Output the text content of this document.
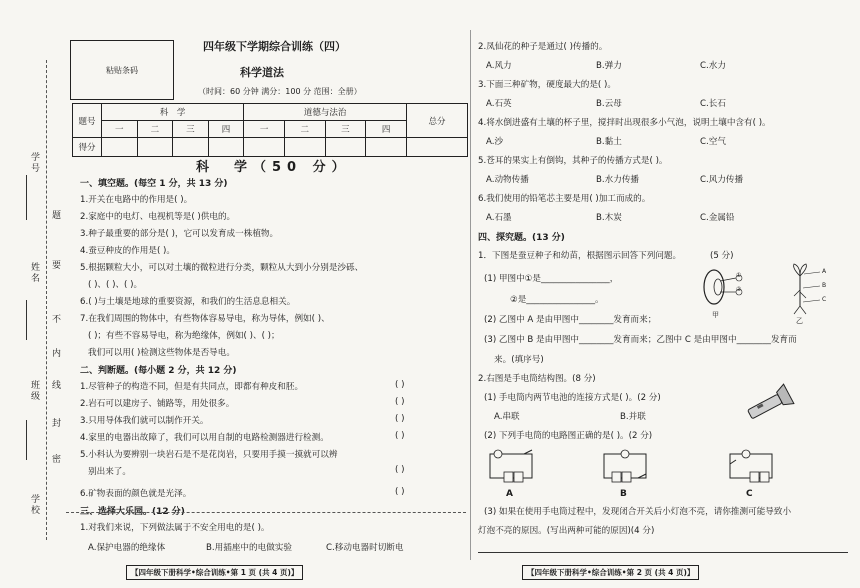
学号
姓名
班级
学校
题
要
不
内
线
封
密
粘贴条码
四年级下学期综合训练（四）
科学道法
（时间：60 分钟 满分：100 分 范围：全册）
题号	科　学				道德与法治				总分
	一	二	三	四	一	二	三	四	
得分									
科　学（50 分）
一、填空题。(每空 1 分，共 13 分)
1.开关在电路中的作用是( )。
2.家庭中的电灯、电视机等是( )供电的。
3.种子最重要的部分是( )，它可以发育成一株植物。
4.蚕豆种皮的作用是( )。
5.根据颗粒大小，可以对土壤的微粒进行分类，颗粒从大到小分别是沙砾、
( )、( )、( )。
6.( )与土壤是地球的重要资源，和我们的生活息息相关。
7.在我们周围的物体中，有些物体容易导电，称为导体，例如( )、
( )；有些不容易导电，称为绝缘体，例如( )、( )；
我们可以用( )检测这些物体是否导电。
二、判断题。(每小题 2 分，共 12 分)
1.尽管种子的构造不同，但是有共同点，即都有种皮和胚。	( )
2.岩石可以建房子、铺路等，用处很多。	( )
3.只用导体我们就可以制作开关。	( )
4.家里的电器出故障了，我们可以用自制的电路检测器进行检测。	( )
5.小科认为要辨别一块岩石是不是花岗岩，只要用手摸一摸就可以辨
别出来了。	( )
6.矿物表面的颜色就是光泽。	( )
三、选择大乐园。(12 分)
1.对我们来说，下列做法属于不安全用电的是( )。
A.保护电器的绝缘体	B.用插座中的电做实验	C.移动电器时切断电
【四年级下册科学•综合训练•第 1 页 (共 4 页)】
2.凤仙花的种子是通过( )传播的。
A.风力	B.弹力	C.水力
3.下面三种矿物，硬度最大的是( )。
A.石英	B.云母	C.长石
4.将水倒进盛有土壤的杯子里，搅拌时出现很多小气泡，说明土壤中含有( )。
A.沙	B.黏土	C.空气
5.苍耳的果实上有倒钩，其种子的传播方式是( )。
A.动物传播	B.水力传播	C.风力传播
6.我们使用的铅笔芯主要是用( )加工而成的。
A.石墨	B.木炭	C.金属铅
四、探究题。(13 分)
1．下图是蚕豆种子和幼苗，根据图示回答下列问题。	(5 分)
(1) 甲图中①是________________，
②是________________。
(2) 乙图中 A 是由甲图中________发育而来；
(3) 乙图中 B 是由甲图中________发育而来；乙图中 C 是由甲图中________发育而
来。(填序号)
①
②
甲
A
B
C
乙
2.右图是手电筒结构图。(8 分)
(1) 手电筒内两节电池的连接方式是( )。(2 分)
A.串联	B.并联
(2) 下列手电筒的电路图正确的是( )。(2 分)
A	B	C
(3) 如果在使用手电筒过程中，发现闭合开关后小灯泡不亮，请你推测可能导致小
灯泡不亮的原因。(写出两种可能的原因)(4 分)
【四年级下册科学•综合训练•第 2 页 (共 4 页)】
